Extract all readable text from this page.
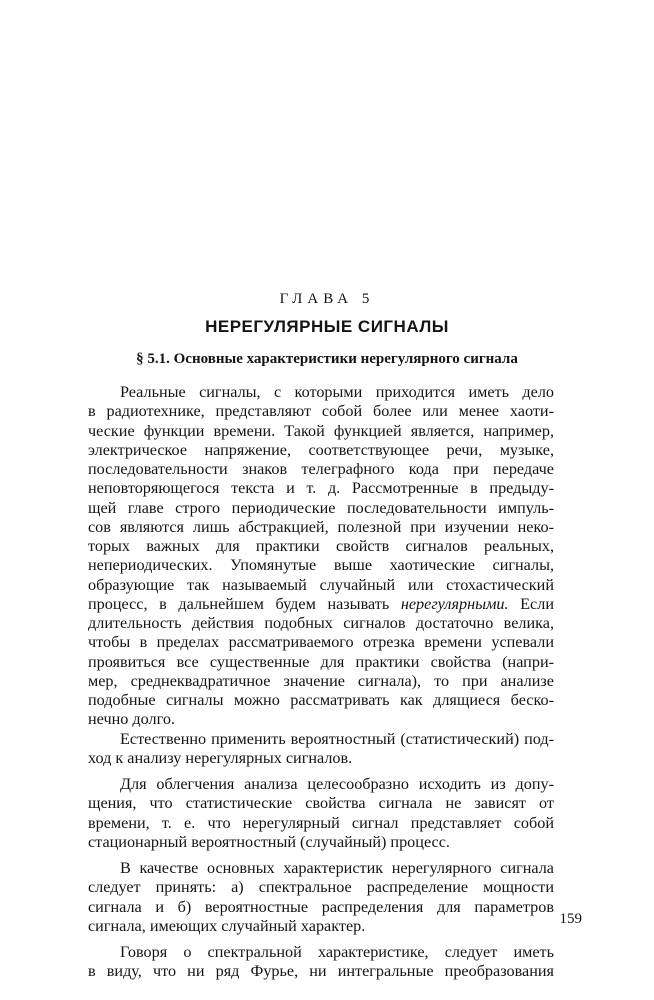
ГЛАВА 5
НЕРЕГУЛЯРНЫЕ СИГНАЛЫ
§ 5.1. Основные характеристики нерегулярного сигнала
Реальные сигналы, с которыми приходится иметь дело
в радиотехнике, представляют собой более или менее хаоти-
ческие функции времени. Такой функцией является, например,
электрическое напряжение, соответствующее речи, музыке,
последовательности знаков телеграфного кода при передаче
неповторяющегося текста и т. д. Рассмотренные в предыду-
щей главе строго периодические последовательности импуль-
сов являются лишь абстракцией, полезной при изучении неко-
торых важных для практики свойств сигналов реальных,
непериодических. Упомянутые выше хаотические сигналы,
образующие так называемый случайный или стохастический
процесс, в дальнейшем будем называть нерегулярными. Если
длительность действия подобных сигналов достаточно велика,
чтобы в пределах рассматриваемого отрезка времени успевали
проявиться все существенные для практики свойства (напри-
мер, среднеквадратичное значение сигнала), то при анализе
подобные сигналы можно рассматривать как длящиеся беско-
нечно долго.
Естественно применить вероятностный (статистический) под-
ход к анализу нерегулярных сигналов.
Для облегчения анализа целесообразно исходить из допу-
щения, что статистические свойства сигнала не зависят от
времени, т. е. что нерегулярный сигнал представляет собой
стационарный вероятностный (случайный) процесс.
В качестве основных характеристик нерегулярного сигнала
следует принять: а) спектральное распределение мощности
сигнала и б) вероятностные распределения для параметров
сигнала, имеющих случайный характер.
Говоря о спектральной характеристике, следует иметь
в виду, что ни ряд Фурье, ни интегральные преобразования
159
